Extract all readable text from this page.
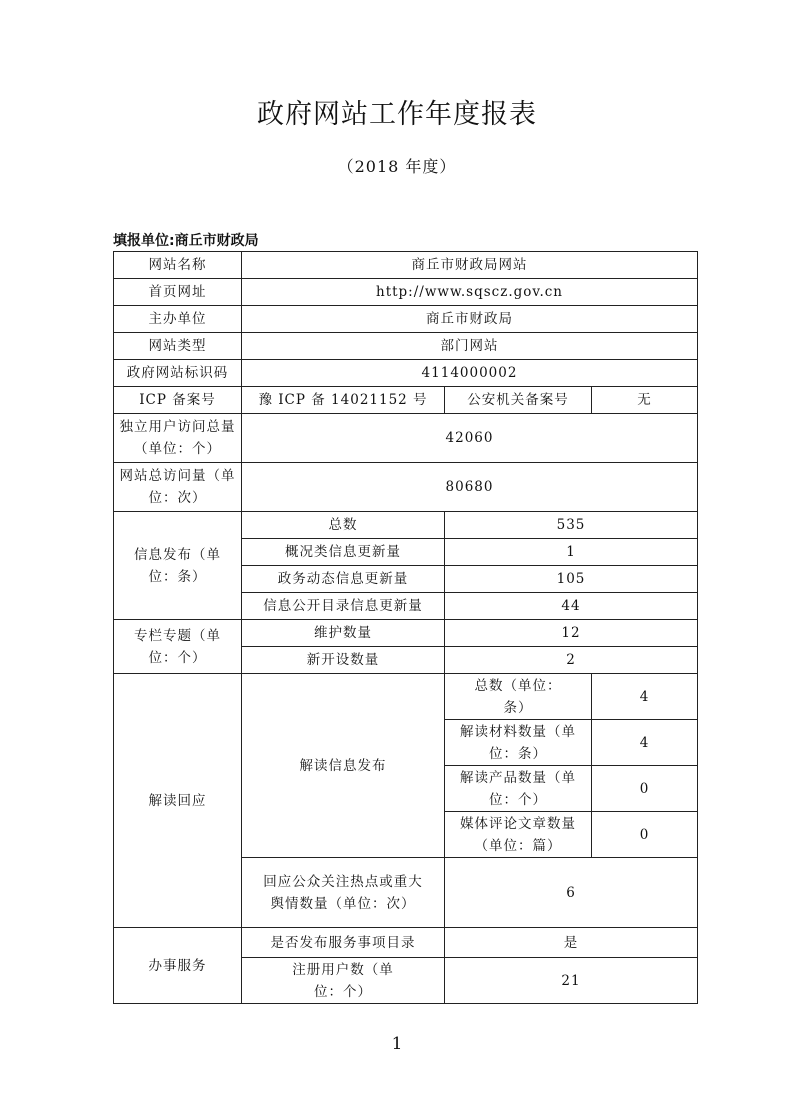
政府网站工作年度报表
（2018 年度）
填报单位:商丘市财政局
网站名称	商丘市财政局网站		
首页网址	http://www.sqscz.gov.cn		
主办单位	商丘市财政局		
网站类型	部门网站		
政府网站标识码	4114000002		
ICP 备案号	豫 ICP 备 14021152 号	公安机关备案号	无
独立用户访问总量（单位：个）	42060		
网站总访问量（单位：次）	80680		
信息发布（单位：条）	总数	535	
	概况类信息更新量	1	
	政务动态信息更新量	105	
	信息公开目录信息更新量	44	
专栏专题（单位：个）	维护数量	12	
	新开设数量	2	
解读回应	解读信息发布	总数（单位：条）	4
		解读材料数量（单位：条）	4
		解读产品数量（单位：个）	0
		媒体评论文章数量（单位：篇）	0
	回应公众关注热点或重大舆情数量（单位：次）	6	
办事服务	是否发布服务事项目录	是	
	注册用户数（单位：个）	21	
1
